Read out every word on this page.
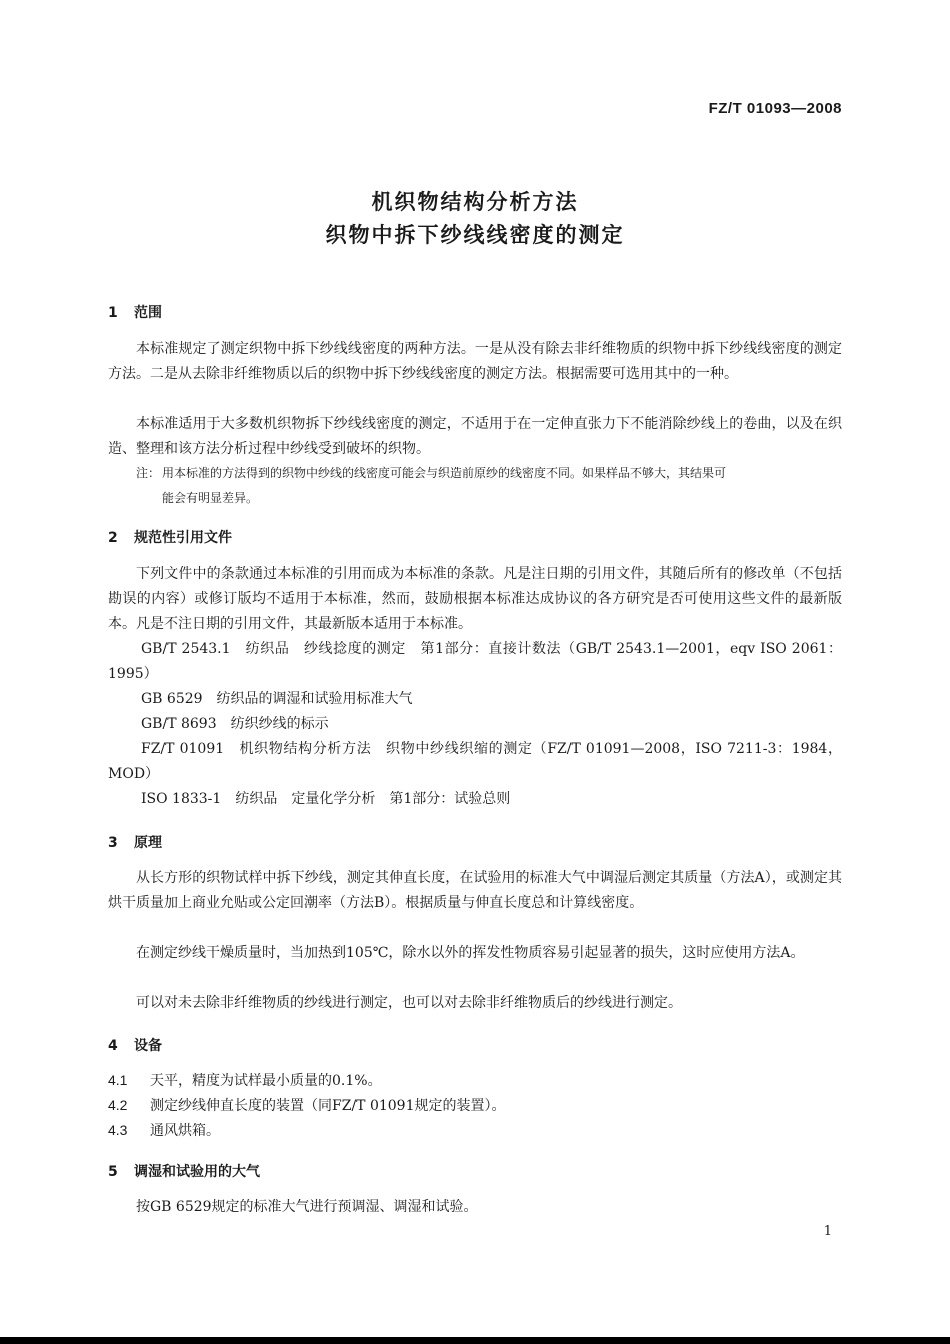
FZ/T 01093—2008
机织物结构分析方法
织物中拆下纱线线密度的测定
1 范围
本标准规定了测定织物中拆下纱线线密度的两种方法。一是从没有除去非纤维物质的织物中拆下纱线线密度的测定方法。二是从去除非纤维物质以后的织物中拆下纱线线密度的测定方法。根据需要可选用其中的一种。
本标准适用于大多数机织物拆下纱线线密度的测定，不适用于在一定伸直张力下不能消除纱线上的卷曲，以及在织造、整理和该方法分析过程中纱线受到破坏的织物。
注： 用本标准的方法得到的织物中纱线的线密度可能会与织造前原纱的线密度不同。如果样品不够大，其结果可
能会有明显差异。
2 规范性引用文件
下列文件中的条款通过本标准的引用而成为本标准的条款。凡是注日期的引用文件，其随后所有的修改单（不包括勘误的内容）或修订版均不适用于本标准，然而，鼓励根据本标准达成协议的各方研究是否可使用这些文件的最新版本。凡是不注日期的引用文件，其最新版本适用于本标准。
GB/T 2543.1　纺织品　纱线捻度的测定　第1部分：直接计数法（GB/T 2543.1—2001，eqv ISO 2061：1995）
GB 6529　纺织品的调湿和试验用标准大气
GB/T 8693　纺织纱线的标示
FZ/T 01091　机织物结构分析方法　织物中纱线织缩的测定（FZ/T 01091—2008，ISO 7211-3：1984，MOD）
ISO 1833-1　纺织品　定量化学分析　第1部分：试验总则
3 原理
从长方形的织物试样中拆下纱线，测定其伸直长度，在试验用的标准大气中调湿后测定其质量（方法A），或测定其烘干质量加上商业允贴或公定回潮率（方法B）。根据质量与伸直长度总和计算线密度。
在测定纱线干燥质量时，当加热到105℃，除水以外的挥发性物质容易引起显著的损失，这时应使用方法A。
可以对未去除非纤维物质的纱线进行测定，也可以对去除非纤维物质后的纱线进行测定。
4 设备
4.1 天平，精度为试样最小质量的0.1%。
4.2 测定纱线伸直长度的装置（同FZ/T 01091规定的装置）。
4.3 通风烘箱。
5 调湿和试验用的大气
按GB 6529规定的标准大气进行预调湿、调湿和试验。
1
